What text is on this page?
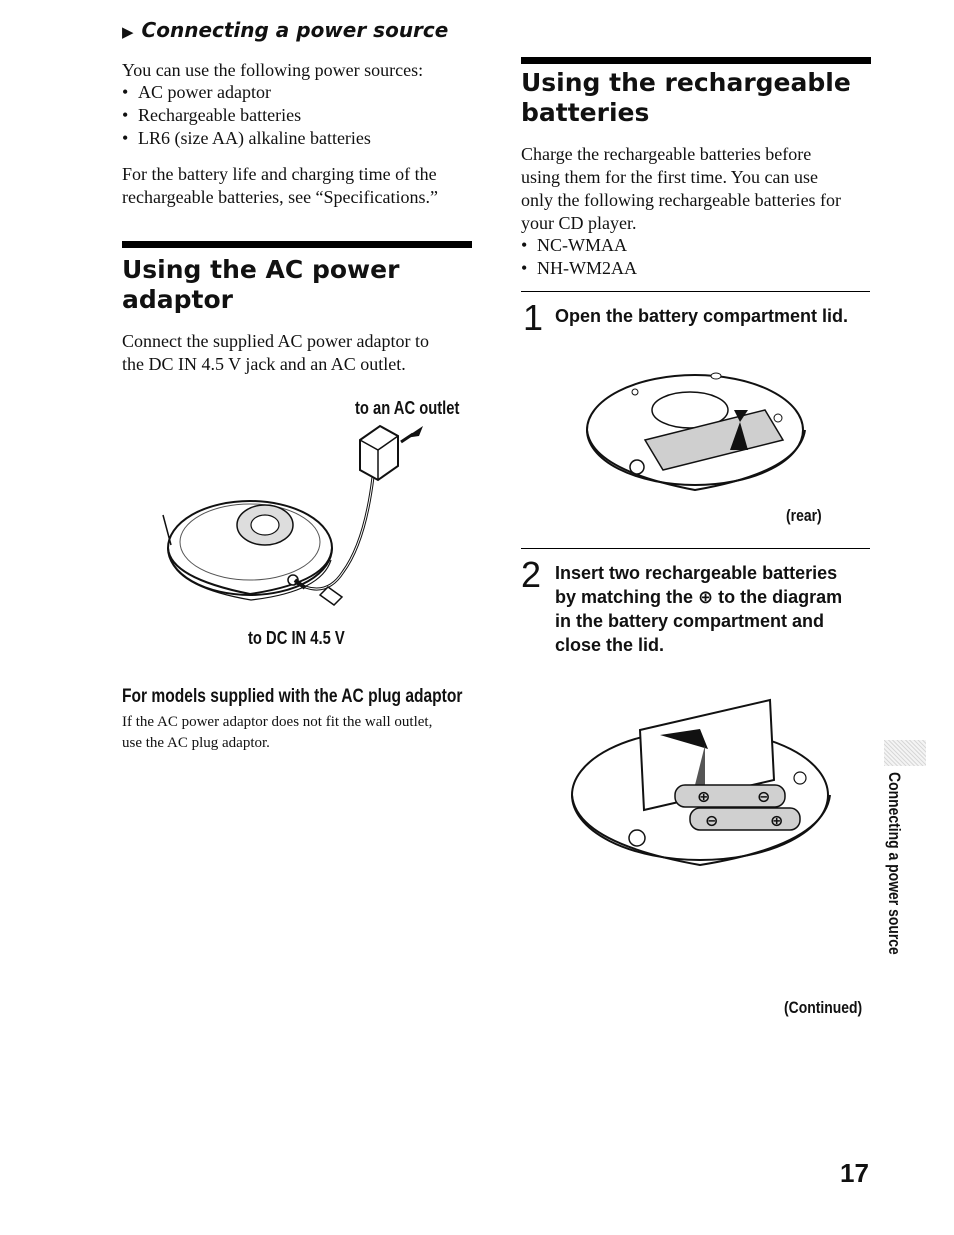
▶ Connecting a power source
You can use the following power sources:
• AC power adaptor
• Rechargeable batteries
• LR6 (size AA) alkaline batteries
For the battery life and charging time of the
rechargeable batteries, see “Specifications.”
Using the AC power
adaptor
Connect the supplied AC power adaptor to
the DC IN 4.5 V jack and an AC outlet.
to an AC outlet
to DC IN 4.5 V
For models supplied with the AC plug adaptor
If the AC power adaptor does not fit the wall outlet,
use the AC plug adaptor.
Using the rechargeable
batteries
Charge the rechargeable batteries before
using them for the first time. You can use
only the following rechargeable batteries for
your CD player.
• NC-WMAA
• NH-WM2AA
1 Open the battery compartment lid.
(rear)
2 Insert two rechargeable batteries
by matching the ⊕ to the diagram
in the battery compartment and
close the lid.
⊕	⊖
⊖	⊕
(Continued)
Connecting a power source
17
